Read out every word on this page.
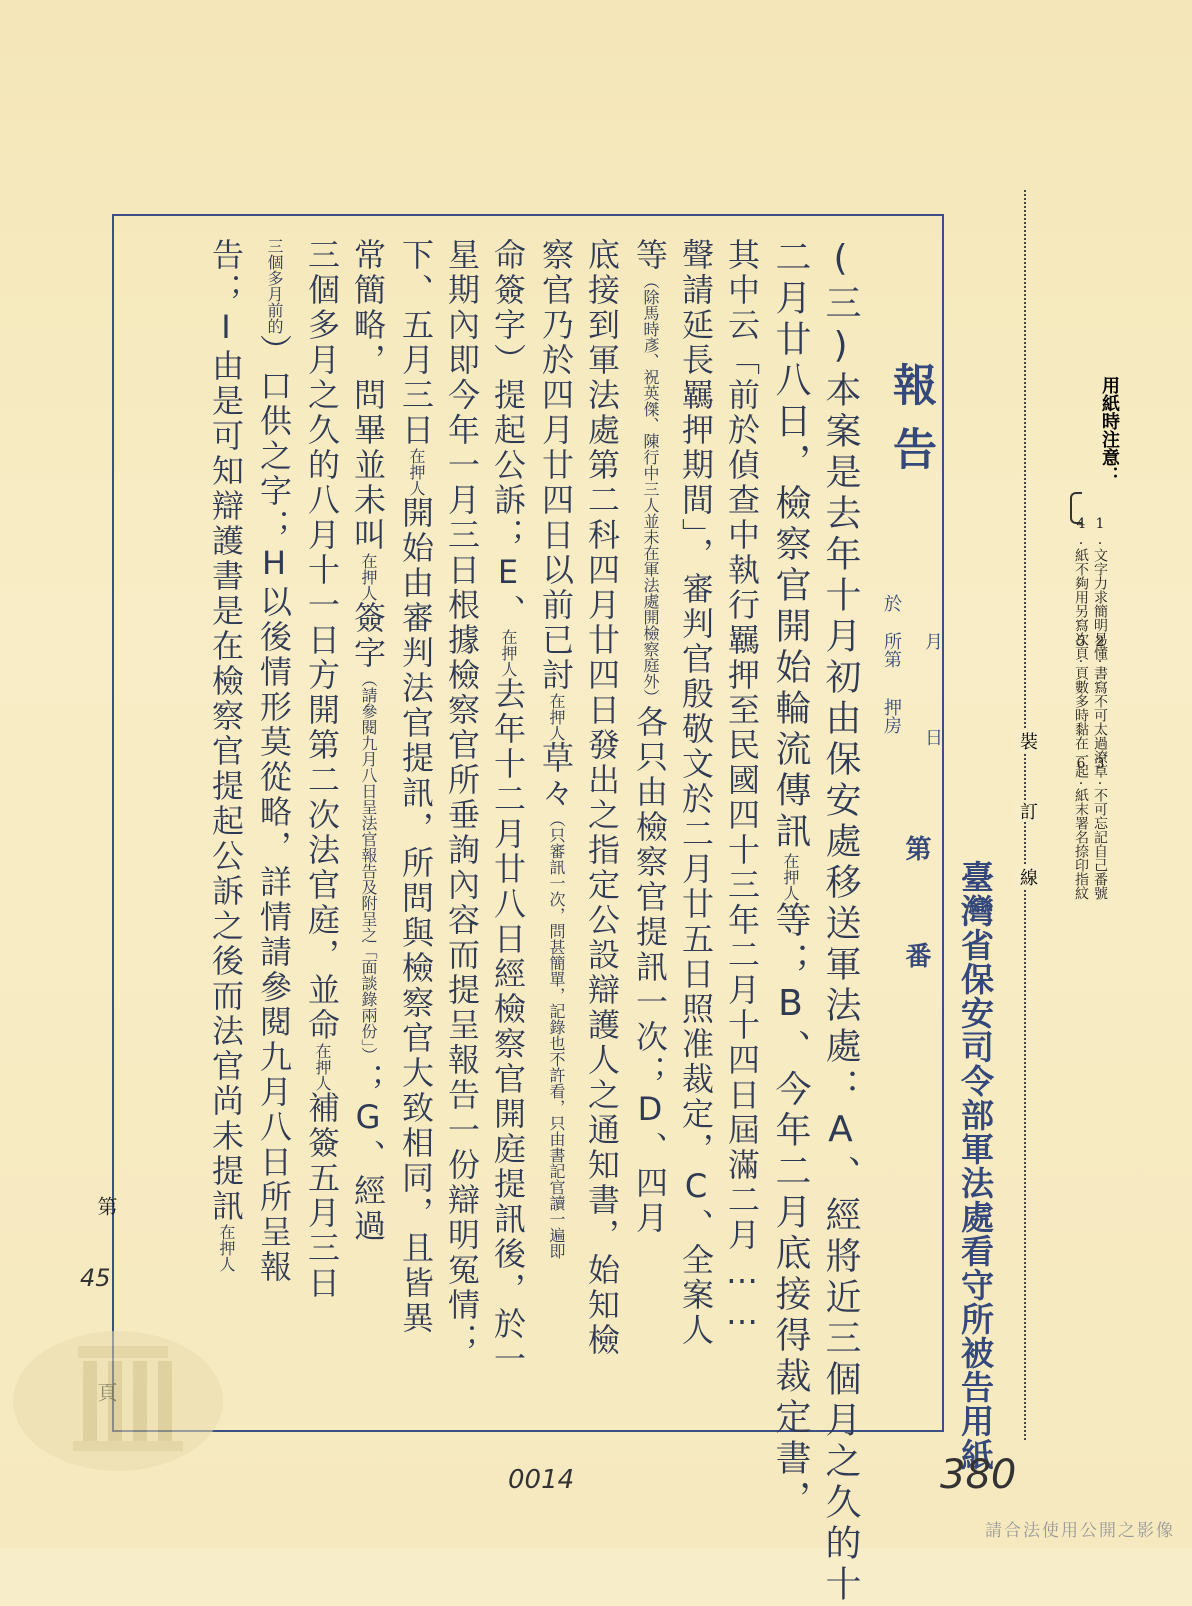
臺灣省保安司令部軍法處看守所被告用紙
報告
月
日
於
所第
押房
第
番
裝
訂
線
用紙時注意：
1.文字力求簡明易懂
2.書寫不可太過潦草
3.不可忘記自己番號
4.紙不夠用另寫次頁
5.頁數多時黏在一起
6.紙末署名捺印指紋
(三)本案是去年十月初由保安處移送軍法處：A、經將近三個月之久的十
二月廿八日，檢察官開始輪流傳訊在押人等；B、今年二月底接得裁定書，
其中云「前於偵查中執行羈押至民國四十三年二月十四日屆滿二月……
聲請延長羈押期間」，審判官殷敬文於二月廿五日照准裁定，C、全案人
等（除馬時彥、祝英傑、陳行中三人並未在軍法處開檢察庭外）各只由檢察官提訊一次；D、四月
底接到軍法處第二科四月廿四日發出之指定公設辯護人之通知書，始知檢
察官乃於四月廿四日以前已討在押人草々（只審訊一次，問甚簡單，記錄也不許看，只由書記官讀一遍即
命簽字）提起公訴；E、在押人去年十二月廿八日經檢察官開庭提訊後，於一
星期內即今年一月三日根據檢察官所垂詢內容而提呈報告一份辯明冤情；
下、五月三日在押人開始由審判法官提訊，所問與檢察官大致相同，且皆異
常簡略，問畢並未叫在押人簽字（請參閱九月八日呈法官報告及附呈之「面談錄兩份」）；G、經過
三個多月之久的八月十一日方開第二次法官庭，並命在押人補簽五月三日
三個多月前的）口供之字；H以後情形莫從略，詳情請參閱九月八日所呈報
告；I由是可知辯護書是在檢察官提起公訴之後而法官尚未提訊在押人
第
45
0014	380
請合法使用公開之影像
